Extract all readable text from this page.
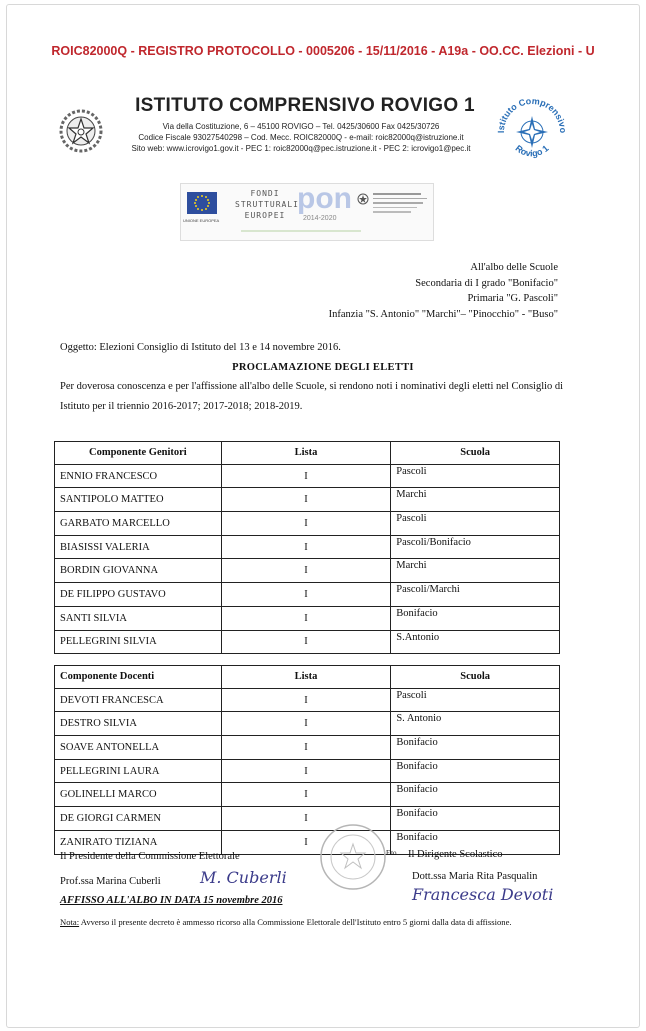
ROIC82000Q - REGISTRO PROTOCOLLO - 0005206 - 15/11/2016 - A19a - OO.CC. Elezioni - U
ISTITUTO COMPRENSIVO ROVIGO 1
Via della Costituzione, 6 – 45100 ROVIGO – Tel. 0425/30600 Fax 0425/30726
Codice Fiscale 93027540298 – Cod. Mecc. ROIC82000Q - e-mail: roic82000q@istruzione.it
Sito web: www.icrovigo1.gov.it - PEC 1: roic82000q@pec.istruzione.it - PEC 2: icrovigo1@pec.it
Istituto Comprensivo
Rovigo 1
UNIONE EUROPEA
FONDI
STRUTTURALI
EUROPEI
pon
2014-2020
All'albo delle Scuole
Secondaria di I grado "Bonifacio"
Primaria "G. Pascoli"
Infanzia "S. Antonio" "Marchi"– "Pinocchio" - "Buso"
Oggetto: Elezioni Consiglio di Istituto del 13 e 14 novembre 2016.
PROCLAMAZIONE DEGLI ELETTI
Per doverosa conoscenza e per l'affissione all'albo delle Scuole, si rendono noti i nominativi degli eletti nel Consiglio di
Istituto per il triennio 2016-2017; 2017-2018; 2018-2019.
Componente Genitori	Lista	Scuola
ENNIO FRANCESCO	I	Pascoli
SANTIPOLO MATTEO	I	Marchi
GARBATO MARCELLO	I	Pascoli
BIASISSI VALERIA	I	Pascoli/Bonifacio
BORDIN GIOVANNA	I	Marchi
DE FILIPPO GUSTAVO	I	Pascoli/Marchi
SANTI SILVIA	I	Bonifacio
PELLEGRINI SILVIA	I	S.Antonio
Componente Docenti	Lista	Scuola
DEVOTI FRANCESCA	I	Pascoli
DESTRO SILVIA	I	S. Antonio
SOAVE ANTONELLA	I	Bonifacio
PELLEGRINI LAURA	I	Bonifacio
GOLINELLI MARCO	I	Bonifacio
DE GIORGI CARMEN	I	Bonifacio
ZANIRATO TIZIANA	I	Bonifacio
Il Presidente della Commissione Elettorale
Prof.ssa Marina Cuberli M. Cuberli
F.to Il Dirigente Scolastico
Dott.ssa Maria Rita Pasqualin
Francesca Devoti
AFFISSO ALL'ALBO IN DATA 15 novembre 2016
Nota: Avverso il presente decreto è ammesso ricorso alla Commissione Elettorale dell'Istituto entro 5 giorni dalla data di affissione.
